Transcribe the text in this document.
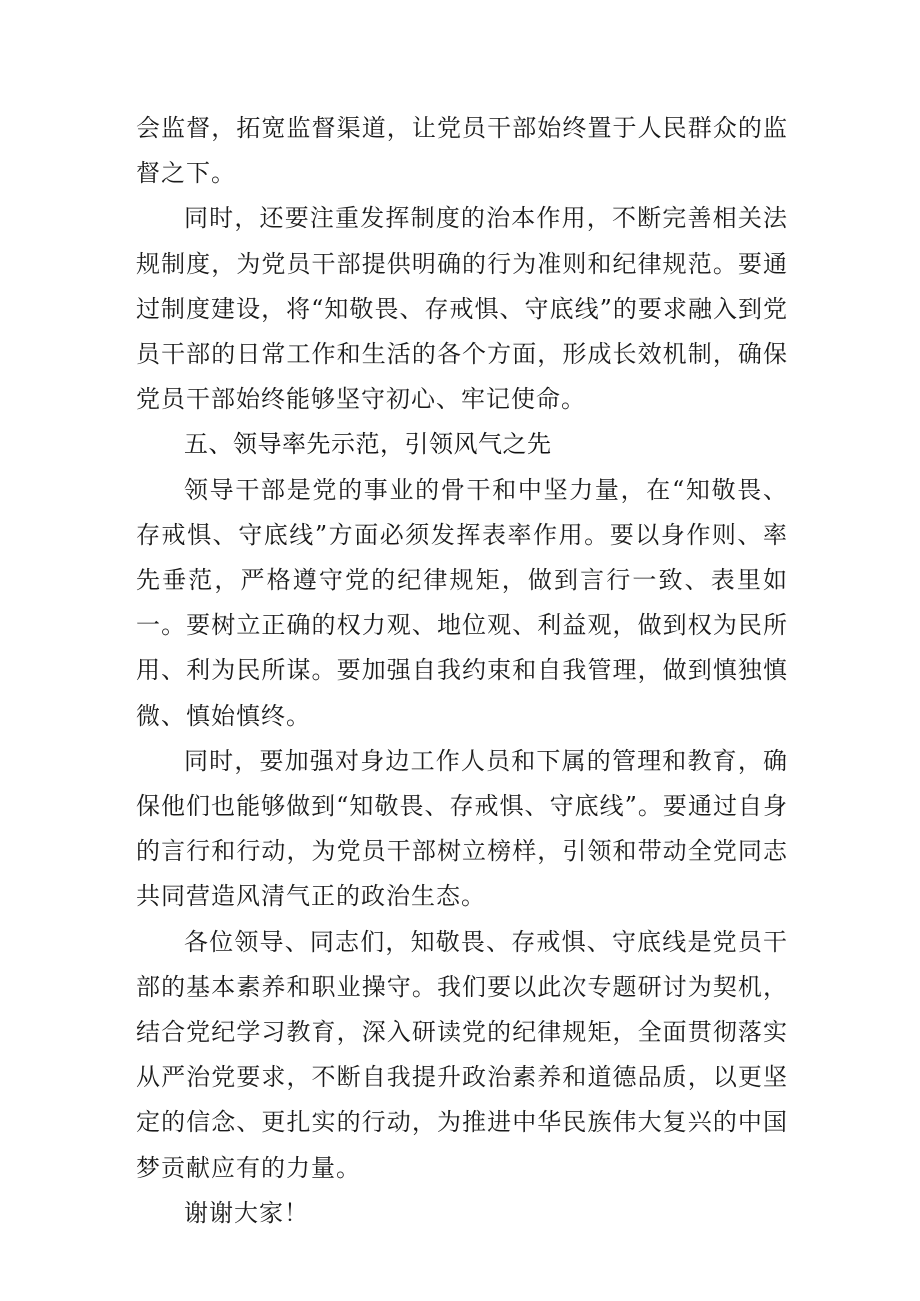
会监督，拓宽监督渠道，让党员干部始终置于人民群众的监督之下。

同时，还要注重发挥制度的治本作用，不断完善相关法规制度，为党员干部提供明确的行为准则和纪律规范。要通过制度建设，将“知敬畏、存戒惧、守底线”的要求融入到党员干部的日常工作和生活的各个方面，形成长效机制，确保党员干部始终能够坚守初心、牢记使命。

五、领导率先示范，引领风气之先

领导干部是党的事业的骨干和中坚力量，在“知敬畏、存戒惧、守底线”方面必须发挥表率作用。要以身作则、率先垂范，严格遵守党的纪律规矩，做到言行一致、表里如一。要树立正确的权力观、地位观、利益观，做到权为民所用、利为民所谋。要加强自我约束和自我管理，做到慎独慎微、慎始慎终。

同时，要加强对身边工作人员和下属的管理和教育，确保他们也能够做到“知敬畏、存戒惧、守底线”。要通过自身的言行和行动，为党员干部树立榜样，引领和带动全党同志共同营造风清气正的政治生态。

各位领导、同志们，知敬畏、存戒惧、守底线是党员干部的基本素养和职业操守。我们要以此次专题研讨为契机，结合党纪学习教育，深入研读党的纪律规矩，全面贯彻落实从严治党要求，不断自我提升政治素养和道德品质，以更坚定的信念、更扎实的行动，为推进中华民族伟大复兴的中国梦贡献应有的力量。

谢谢大家！
